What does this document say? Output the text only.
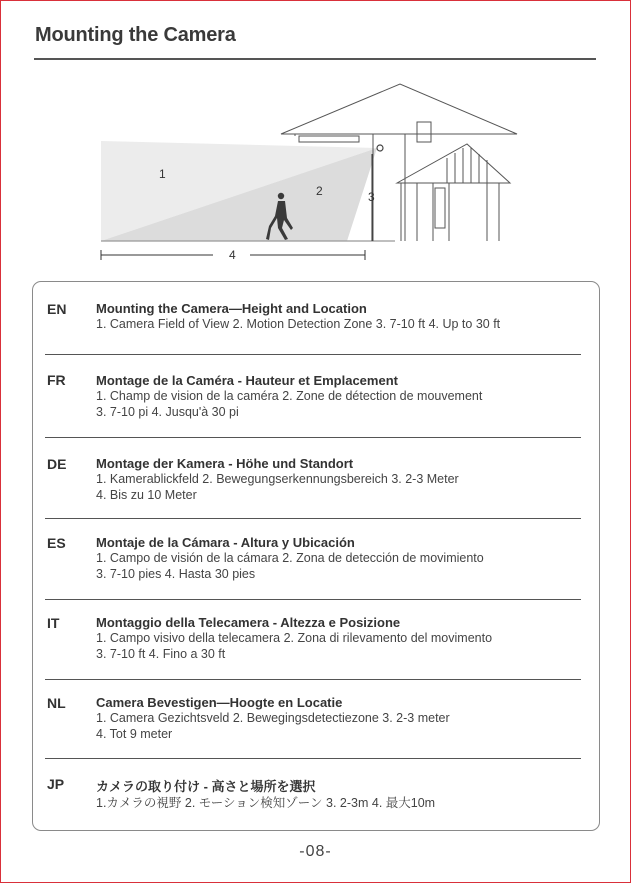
Mounting the Camera
1
2	3
4
EN Mounting the Camera—Height and Location
1. Camera Field of View 2. Motion Detection Zone 3. 7-10 ft 4. Up to 30 ft
FR Montage de la Caméra - Hauteur et Emplacement
1. Champ de vision de la caméra 2. Zone de détection de mouvement
3. 7-10 pi 4. Jusqu'à 30 pi
DE Montage der Kamera - Höhe und Standort
1. Kamerablickfeld 2. Bewegungserkennungsbereich 3. 2-3 Meter
4. Bis zu 10 Meter
ES Montaje de la Cámara - Altura y Ubicación
1. Campo de visión de la cámara 2. Zona de detección de movimiento
3. 7-10 pies 4. Hasta 30 pies
IT	Montaggio della Telecamera - Altezza e Posizione
1. Campo visivo della telecamera 2. Zona di rilevamento del movimento
3. 7-10 ft 4. Fino a 30 ft
NL Camera Bevestigen—Hoogte en Locatie
1. Camera Gezichtsveld 2. Bewegingsdetectiezone 3. 2-3 meter
4. Tot 9 meter
JP カメラの取り付け - 高さと場所を選択
1.カメラの視野 2. モーション検知ゾーン 3. 2-3m 4. 最大10m
-08-
